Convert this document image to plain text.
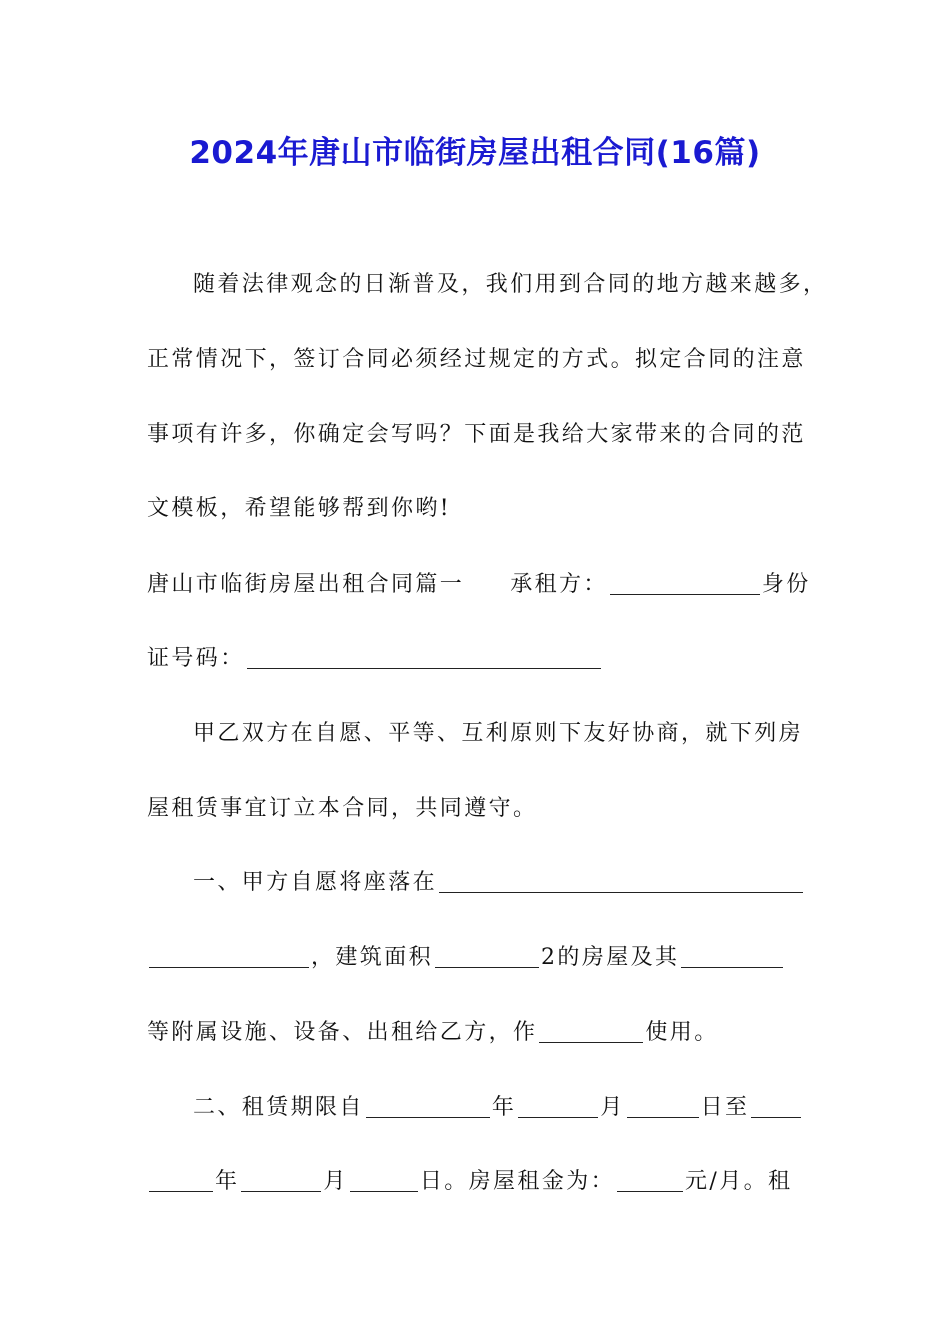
2024年唐山市临街房屋出租合同(16篇)
随着法律观念的日渐普及，我们用到合同的地方越来越多，
正常情况下，签订合同必须经过规定的方式。拟定合同的注意
事项有许多，你确定会写吗？下面是我给大家带来的合同的范
文模板，希望能够帮到你哟!
唐山市临街房屋出租合同篇一 承租方：	身份
证号码：
甲乙双方在自愿、平等、互利原则下友好协商，就下列房
屋租赁事宜订立本合同，共同遵守。
一、甲方自愿将座落在
，建筑面积	2的房屋及其
等附属设施、设备、出租给乙方，作	使用。
二、租赁期限自	年	月	日至
年	月	日。房屋租金为：	元/月。租
